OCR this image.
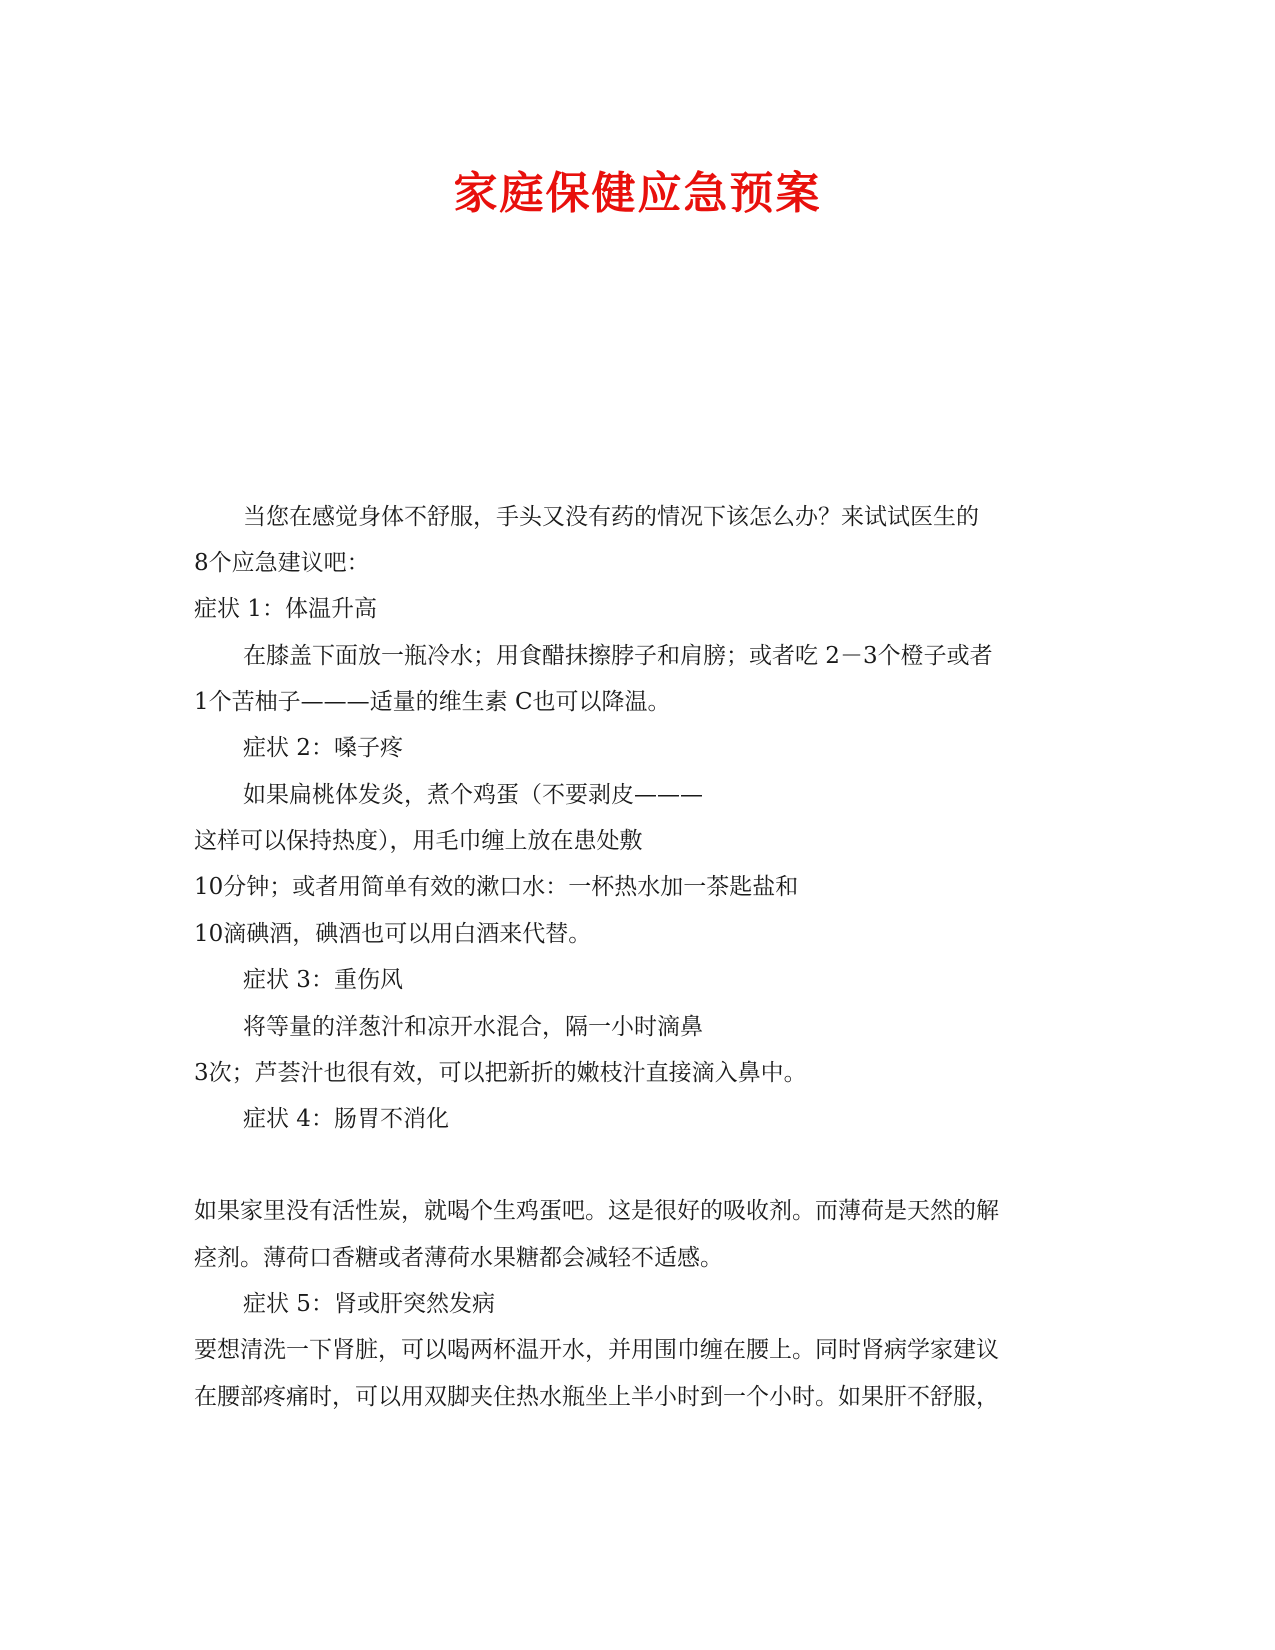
家庭保健应急预案
当您在感觉身体不舒服，手头又没有药的情况下该怎么办？来试试医生的
8个应急建议吧：
症状 1：体温升高
在膝盖下面放一瓶冷水；用食醋抹擦脖子和肩膀；或者吃 2－3个橙子或者
1个苦柚子———适量的维生素 C也可以降温。
症状 2：嗓子疼
如果扁桃体发炎，煮个鸡蛋（不要剥皮———
这样可以保持热度），用毛巾缠上放在患处敷
10分钟；或者用简单有效的漱口水：一杯热水加一茶匙盐和
10滴碘酒，碘酒也可以用白酒来代替。
症状 3：重伤风
将等量的洋葱汁和凉开水混合，隔一小时滴鼻
3次；芦荟汁也很有效，可以把新折的嫩枝汁直接滴入鼻中。
症状 4：肠胃不消化
如果家里没有活性炭，就喝个生鸡蛋吧。这是很好的吸收剂。而薄荷是天然的解
痉剂。薄荷口香糖或者薄荷水果糖都会减轻不适感。
症状 5：肾或肝突然发病
要想清洗一下肾脏，可以喝两杯温开水，并用围巾缠在腰上。同时肾病学家建议
在腰部疼痛时，可以用双脚夹住热水瓶坐上半小时到一个小时。如果肝不舒服，
